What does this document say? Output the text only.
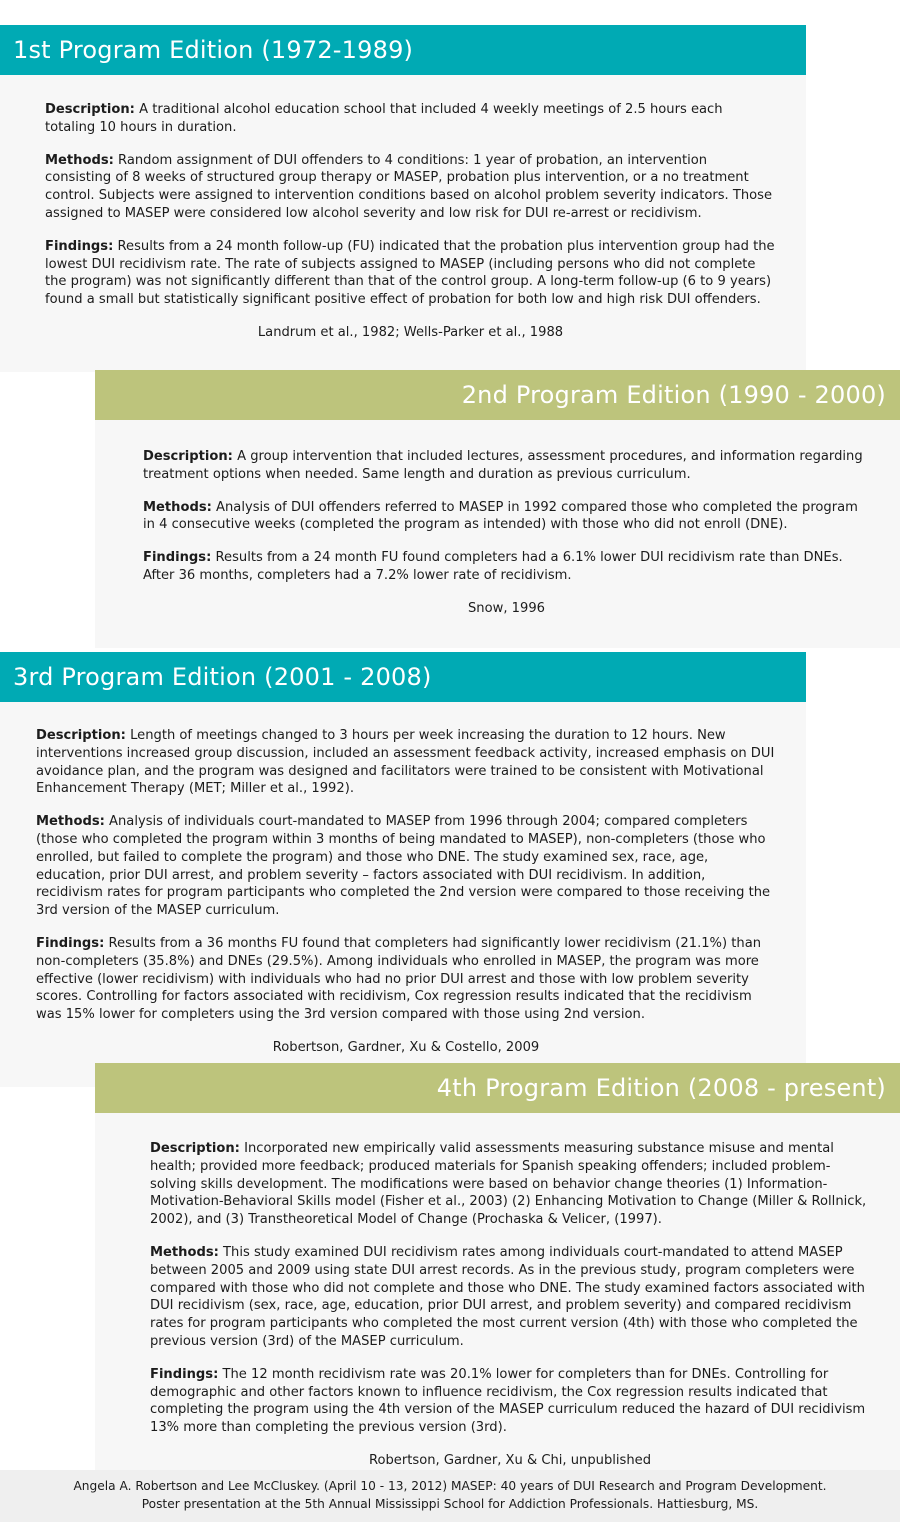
1st Program Edition (1972-1989)

Description: A traditional alcohol education school that included 4 weekly meetings of 2.5 hours each totaling 10 hours in duration.

Methods: Random assignment of DUI offenders to 4 conditions: 1 year of probation, an intervention consisting of 8 weeks of structured group therapy or MASEP, probation plus intervention, or a no treatment control. Subjects were assigned to intervention conditions based on alcohol problem severity indicators. Those assigned to MASEP were considered low alcohol severity and low risk for DUI re-arrest or recidivism.

Findings: Results from a 24 month follow-up (FU) indicated that the probation plus intervention group had the lowest DUI recidivism rate. The rate of subjects assigned to MASEP (including persons who did not complete the program) was not significantly different than that of the control group. A long-term follow-up (6 to 9 years) found a small but statistically significant positive effect of probation for both low and high risk DUI offenders.

Landrum et al., 1982; Wells-Parker et al., 1988

2nd Program Edition (1990 - 2000)

Description: A group intervention that included lectures, assessment procedures, and information regarding treatment options when needed. Same length and duration as previous curriculum.

Methods: Analysis of DUI offenders referred to MASEP in 1992 compared those who completed the program in 4 consecutive weeks (completed the program as intended) with those who did not enroll (DNE).

Findings: Results from a 24 month FU found completers had a 6.1% lower DUI recidivism rate than DNEs. After 36 months, completers had a 7.2% lower rate of recidivism.

Snow, 1996

3rd Program Edition (2001 - 2008)

Description: Length of meetings changed to 3 hours per week increasing the duration to 12 hours. New interventions increased group discussion, included an assessment feedback activity, increased emphasis on DUI avoidance plan, and the program was designed and facilitators were trained to be consistent with Motivational Enhancement Therapy (MET; Miller et al., 1992).

Methods: Analysis of individuals court-mandated to MASEP from 1996 through 2004; compared completers (those who completed the program within 3 months of being mandated to MASEP), non-completers (those who enrolled, but failed to complete the program) and those who DNE. The study examined sex, race, age, education, prior DUI arrest, and problem severity – factors associated with DUI recidivism. In addition, recidivism rates for program participants who completed the 2nd version were compared to those receiving the 3rd version of the MASEP curriculum.

Findings: Results from a 36 months FU found that completers had significantly lower recidivism (21.1%) than non-completers (35.8%) and DNEs (29.5%). Among individuals who enrolled in MASEP, the program was more effective (lower recidivism) with individuals who had no prior DUI arrest and those with low problem severity scores. Controlling for factors associated with recidivism, Cox regression results indicated that the recidivism was 15% lower for completers using the 3rd version compared with those using 2nd version.

Robertson, Gardner, Xu & Costello, 2009

4th Program Edition (2008 - present)

Description: Incorporated new empirically valid assessments measuring substance misuse and mental health; provided more feedback; produced materials for Spanish speaking offenders; included problem-solving skills development. The modifications were based on behavior change theories (1) Information-Motivation-Behavioral Skills model (Fisher et al., 2003) (2) Enhancing Motivation to Change (Miller & Rollnick, 2002), and (3) Transtheoretical Model of Change (Prochaska & Velicer, (1997).

Methods: This study examined DUI recidivism rates among individuals court-mandated to attend MASEP between 2005 and 2009 using state DUI arrest records. As in the previous study, program completers were compared with those who did not complete and those who DNE. The study examined factors associated with DUI recidivism (sex, race, age, education, prior DUI arrest, and problem severity) and compared recidivism rates for program participants who completed the most current version (4th) with those who completed the previous version (3rd) of the MASEP curriculum.

Findings: The 12 month recidivism rate was 20.1% lower for completers than for DNEs. Controlling for demographic and other factors known to influence recidivism, the Cox regression results indicated that completing the program using the 4th version of the MASEP curriculum reduced the hazard of DUI recidivism 13% more than completing the previous version (3rd).

Robertson, Gardner, Xu & Chi, unpublished

Angela A. Robertson and Lee McCluskey. (April 10 - 13, 2012) MASEP: 40 years of DUI Research and Program Development.
Poster presentation at the 5th Annual Mississippi School for Addiction Professionals. Hattiesburg, MS.
